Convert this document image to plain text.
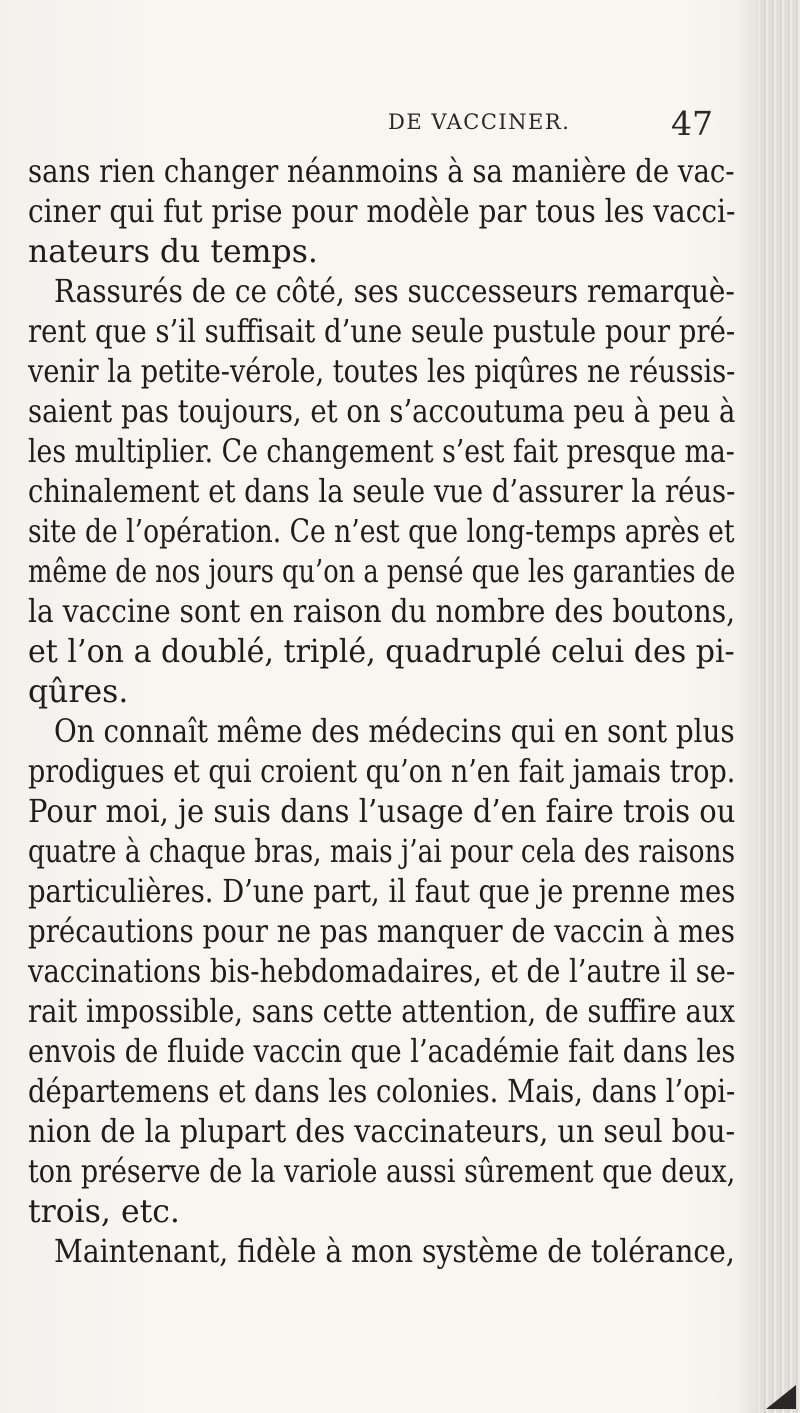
DE VACCINER.	47
sans rien changer néanmoins à sa manière de vac-
ciner qui fut prise pour modèle par tous les vacci-
nateurs du temps.
Rassurés de ce côté, ses successeurs remarquè-
rent que s’il suffisait d’une seule pustule pour pré-
venir la petite-vérole, toutes les piqûres ne réussis-
saient pas toujours, et on s’accoutuma peu à peu à
les multiplier. Ce changement s’est fait presque ma-
chinalement et dans la seule vue d’assurer la réus-
site de l’opération. Ce n’est que long-temps après et
même de nos jours qu’on a pensé que les garanties de
la vaccine sont en raison du nombre des boutons,
et l’on a doublé, triplé, quadruplé celui des pi-
qûres.
On connaît même des médecins qui en sont plus
prodigues et qui croient qu’on n’en fait jamais trop.
Pour moi, je suis dans l’usage d’en faire trois ou
quatre à chaque bras, mais j’ai pour cela des raisons
particulières. D’une part, il faut que je prenne mes
précautions pour ne pas manquer de vaccin à mes
vaccinations bis-hebdomadaires, et de l’autre il se-
rait impossible, sans cette attention, de suffire aux
envois de fluide vaccin que l’académie fait dans les
départemens et dans les colonies. Mais, dans l’opi-
nion de la plupart des vaccinateurs, un seul bou-
ton préserve de la variole aussi sûrement que deux,
trois, etc.
Maintenant, fidèle à mon système de tolérance,
